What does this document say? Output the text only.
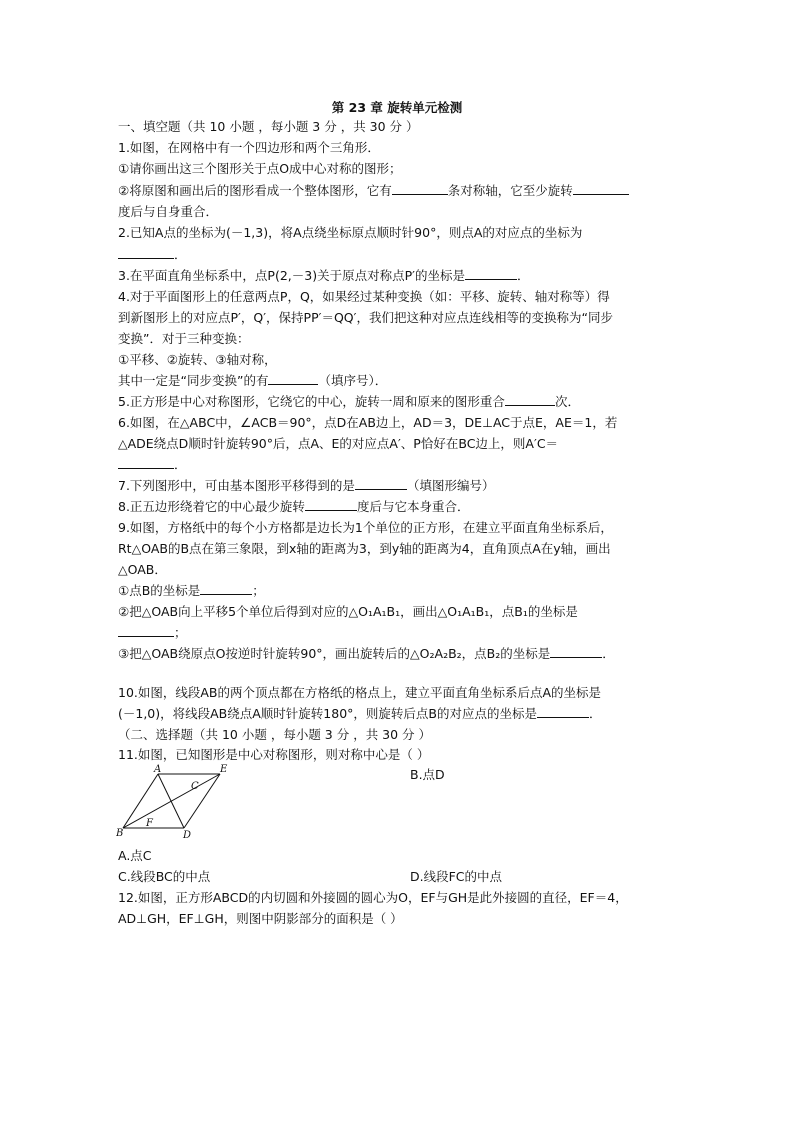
第 23 章 旋转单元检测
一、填空题（共 10 小题 ，每小题 3 分 ，共 30 分 ）
1.如图，在网格中有一个四边形和两个三角形．
①请你画出这三个图形关于点O成中心对称的图形；
②将原图和画出后的图形看成一个整体图形，它有	条对称轴，它至少旋转
度后与自身重合．
2.已知A点的坐标为(－1,3)，将A点绕坐标原点顺时针90°，则点A的对应点的坐标为
．
3.在平面直角坐标系中，点P(2,－3)关于原点对称点P′的坐标是	．
4.对于平面图形上的任意两点P，Q，如果经过某种变换（如：平移、旋转、轴对称等）得
到新图形上的对应点P′，Q′，保持PP′＝QQ′，我们把这种对应点连线相等的变换称为“同步
变换”．对于三种变换：
①平移、②旋转、③轴对称，
其中一定是“同步变换”的有	（填序号）．
5.正方形是中心对称图形，它绕它的中心，旋转一周和原来的图形重合	次．
6.如图，在△ABC中，∠ACB＝90°，点D在AB边上，AD＝3，DE⊥AC于点E，AE＝1，若
△ADE绕点D顺时针旋转90°后，点A、E的对应点A′、P恰好在BC边上，则A′C＝
．
7.下列图形中，可由基本图形平移得到的是	（填图形编号）
8.正五边形绕着它的中心最少旋转	度后与它本身重合．
9.如图，方格纸中的每个小方格都是边长为1个单位的正方形，在建立平面直角坐标系后，
Rt△OAB的B点在第三象限，到x轴的距离为3，到y轴的距离为4，直角顶点A在y轴，画出
△OAB．
①点B的坐标是	；
②把△OAB向上平移5个单位后得到对应的△O₁A₁B₁，画出△O₁A₁B₁，点B₁的坐标是
；
③把△OAB绕原点O按逆时针旋转90°，画出旋转后的△O₂A₂B₂，点B₂的坐标是	．
10.如图，线段AB的两个顶点都在方格纸的格点上，建立平面直角坐标系后点A的坐标是
(－1,0)，将线段AB绕点A顺时针旋转180°，则旋转后点B的对应点的坐标是	．
（二、选择题（共 10 小题 ，每小题 3 分 ，共 30 分 ）
11.如图，已知图形是中心对称图形，则对称中心是（ ）
B.点D
A
C
E
F
B	D
A.点C
C.线段BC的中点	D.线段FC的中点
12.如图，正方形ABCD的内切圆和外接圆的圆心为O，EF与GH是此外接圆的直径，EF＝4，
AD⊥GH，EF⊥GH，则图中阴影部分的面积是（ ）
